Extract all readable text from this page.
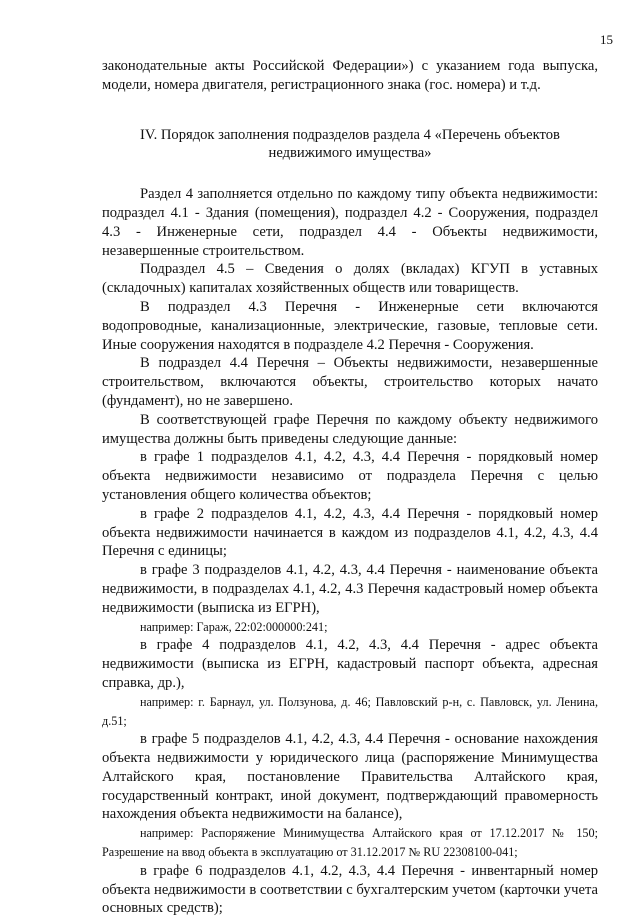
15

законодательные акты Российской Федерации») с указанием года выпуска, модели, номера двигателя, регистрационного знака (гос. номера) и т.д.

IV. Порядок заполнения подразделов раздела 4 «Перечень объектов недвижимого имущества»

Раздел 4 заполняется отдельно по каждому типу объекта недвижимости: подраздел 4.1 - Здания (помещения), подраздел 4.2 - Сооружения, подраздел 4.3 - Инженерные сети, подраздел 4.4 - Объекты недвижимости, незавершенные строительством.

Подраздел 4.5 – Сведения о долях (вкладах) КГУП в уставных (складочных) капиталах хозяйственных обществ или товариществ.

В подраздел 4.3 Перечня - Инженерные сети включаются водопроводные, канализационные, электрические, газовые, тепловые сети. Иные сооружения находятся в подразделе 4.2 Перечня - Сооружения.

В подраздел 4.4 Перечня – Объекты недвижимости, незавершенные строительством, включаются объекты, строительство которых начато (фундамент), но не завершено.

В соответствующей графе Перечня по каждому объекту недвижимого имущества должны быть приведены следующие данные:

в графе 1 подразделов 4.1, 4.2, 4.3, 4.4 Перечня - порядковый номер объекта недвижимости независимо от подраздела Перечня с целью установления общего количества объектов;

в графе 2 подразделов 4.1, 4.2, 4.3, 4.4 Перечня - порядковый номер объекта недвижимости начинается в каждом из подразделов 4.1, 4.2, 4.3, 4.4 Перечня с единицы;

в графе 3 подразделов 4.1, 4.2, 4.3, 4.4 Перечня - наименование объекта недвижимости, в подразделах 4.1, 4.2, 4.3 Перечня кадастровый номер объекта недвижимости (выписка из ЕГРН),

например: Гараж, 22:02:000000:241;

в графе 4 подразделов 4.1, 4.2, 4.3, 4.4 Перечня - адрес объекта недвижимости (выписка из ЕГРН, кадастровый паспорт объекта, адресная справка, др.),

например: г. Барнаул, ул. Ползунова, д. 46; Павловский р-н, с. Павловск, ул. Ленина, д.51;

в графе 5 подразделов 4.1, 4.2, 4.3, 4.4 Перечня - основание нахождения объекта недвижимости у юридического лица (распоряжение Минимущества Алтайского края, постановление Правительства Алтайского края, государственный контракт, иной документ, подтверждающий правомерность нахождения объекта недвижимости на балансе),

например: Распоряжение Минимущества Алтайского края от 17.12.2017 № 150; Разрешение на ввод объекта в эксплуатацию от 31.12.2017 № RU 22308100-041;

в графе 6 подразделов 4.1, 4.2, 4.3, 4.4 Перечня - инвентарный номер объекта недвижимости в соответствии с бухгалтерским учетом (карточки учета основных средств);
